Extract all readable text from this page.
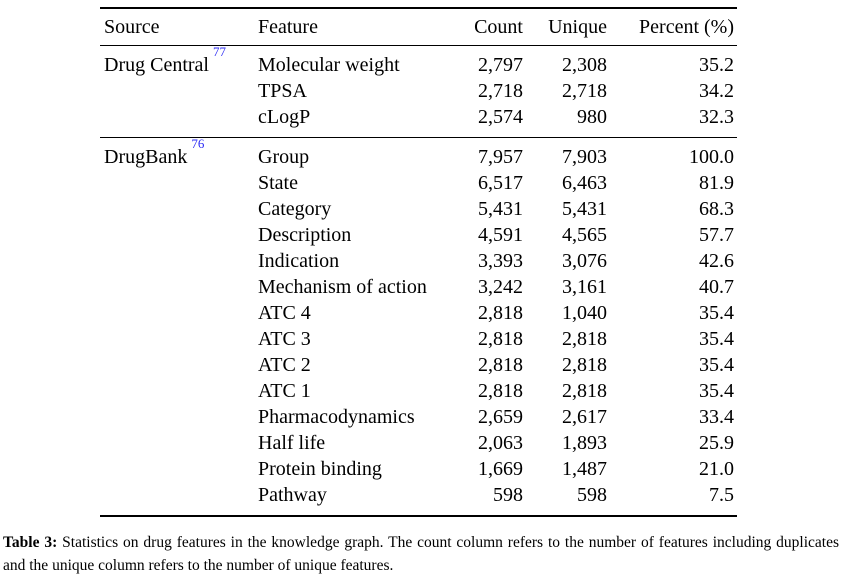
Source	Feature	Count	Unique	Percent (%)
Drug Central$^{77}$	Molecular weight	2,797	2,308	35.2
	TPSA	2,718	2,718	34.2
	cLogP	2,574	980	32.3
DrugBank$^{76}$	Group	7,957	7,903	100.0
	State	6,517	6,463	81.9
	Category	5,431	5,431	68.3
	Description	4,591	4,565	57.7
	Indication	3,393	3,076	42.6
	Mechanism of action	3,242	3,161	40.7
	ATC 4	2,818	1,040	35.4
	ATC 3	2,818	2,818	35.4
	ATC 2	2,818	2,818	35.4
	ATC 1	2,818	2,818	35.4
	Pharmacodynamics	2,659	2,617	33.4
	Half life	2,063	1,893	25.9
	Protein binding	1,669	1,487	21.0
	Pathway	598	598	7.5

Table 3: Statistics on drug features in the knowledge graph. The count column refers to the number of features including duplicates and the unique column refers to the number of unique features.
